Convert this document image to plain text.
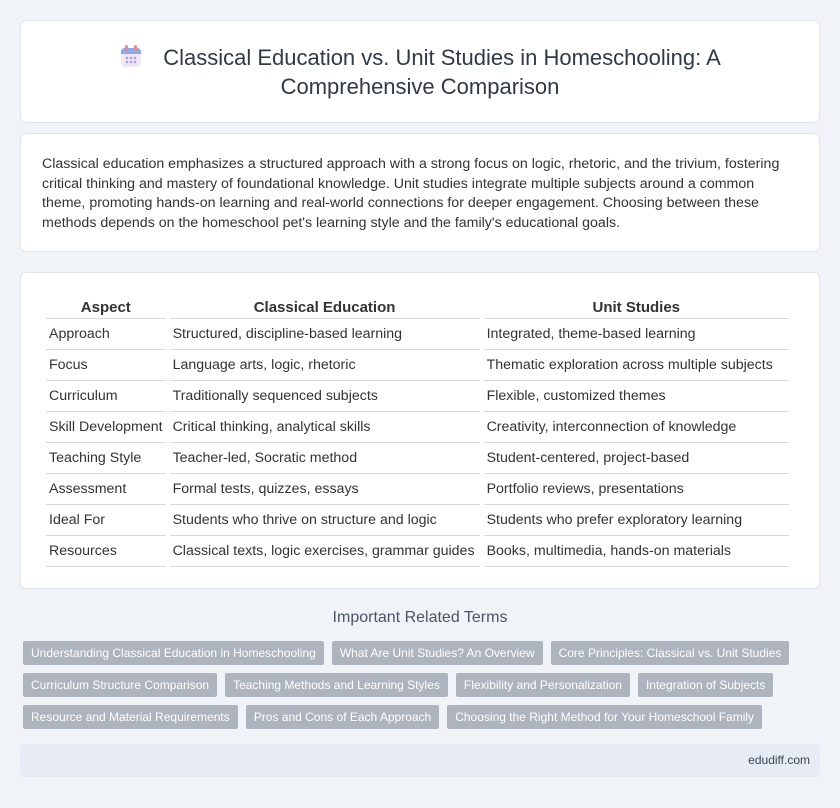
Classical Education vs. Unit Studies in Homeschooling: A Comprehensive Comparison

Classical education emphasizes a structured approach with a strong focus on logic, rhetoric, and the trivium, fostering critical thinking and mastery of foundational knowledge. Unit studies integrate multiple subjects around a common theme, promoting hands-on learning and real-world connections for deeper engagement. Choosing between these methods depends on the homeschool pet's learning style and the family's educational goals.

Aspect	Classical Education	Unit Studies
Approach	Structured, discipline-based learning	Integrated, theme-based learning
Focus	Language arts, logic, rhetoric	Thematic exploration across multiple subjects
Curriculum	Traditionally sequenced subjects	Flexible, customized themes
Skill Development	Critical thinking, analytical skills	Creativity, interconnection of knowledge
Teaching Style	Teacher-led, Socratic method	Student-centered, project-based
Assessment	Formal tests, quizzes, essays	Portfolio reviews, presentations
Ideal For	Students who thrive on structure and logic	Students who prefer exploratory learning
Resources	Classical texts, logic exercises, grammar guides	Books, multimedia, hands-on materials
Important Related Terms
Understanding Classical Education in Homeschooling	What Are Unit Studies? An Overview	Core Principles: Classical vs. Unit Studies
Curriculum Structure Comparison	Teaching Methods and Learning Styles	Flexibility and Personalization	Integration of Subjects
Resource and Material Requirements	Pros and Cons of Each Approach	Choosing the Right Method for Your Homeschool Family
edudiff.com
